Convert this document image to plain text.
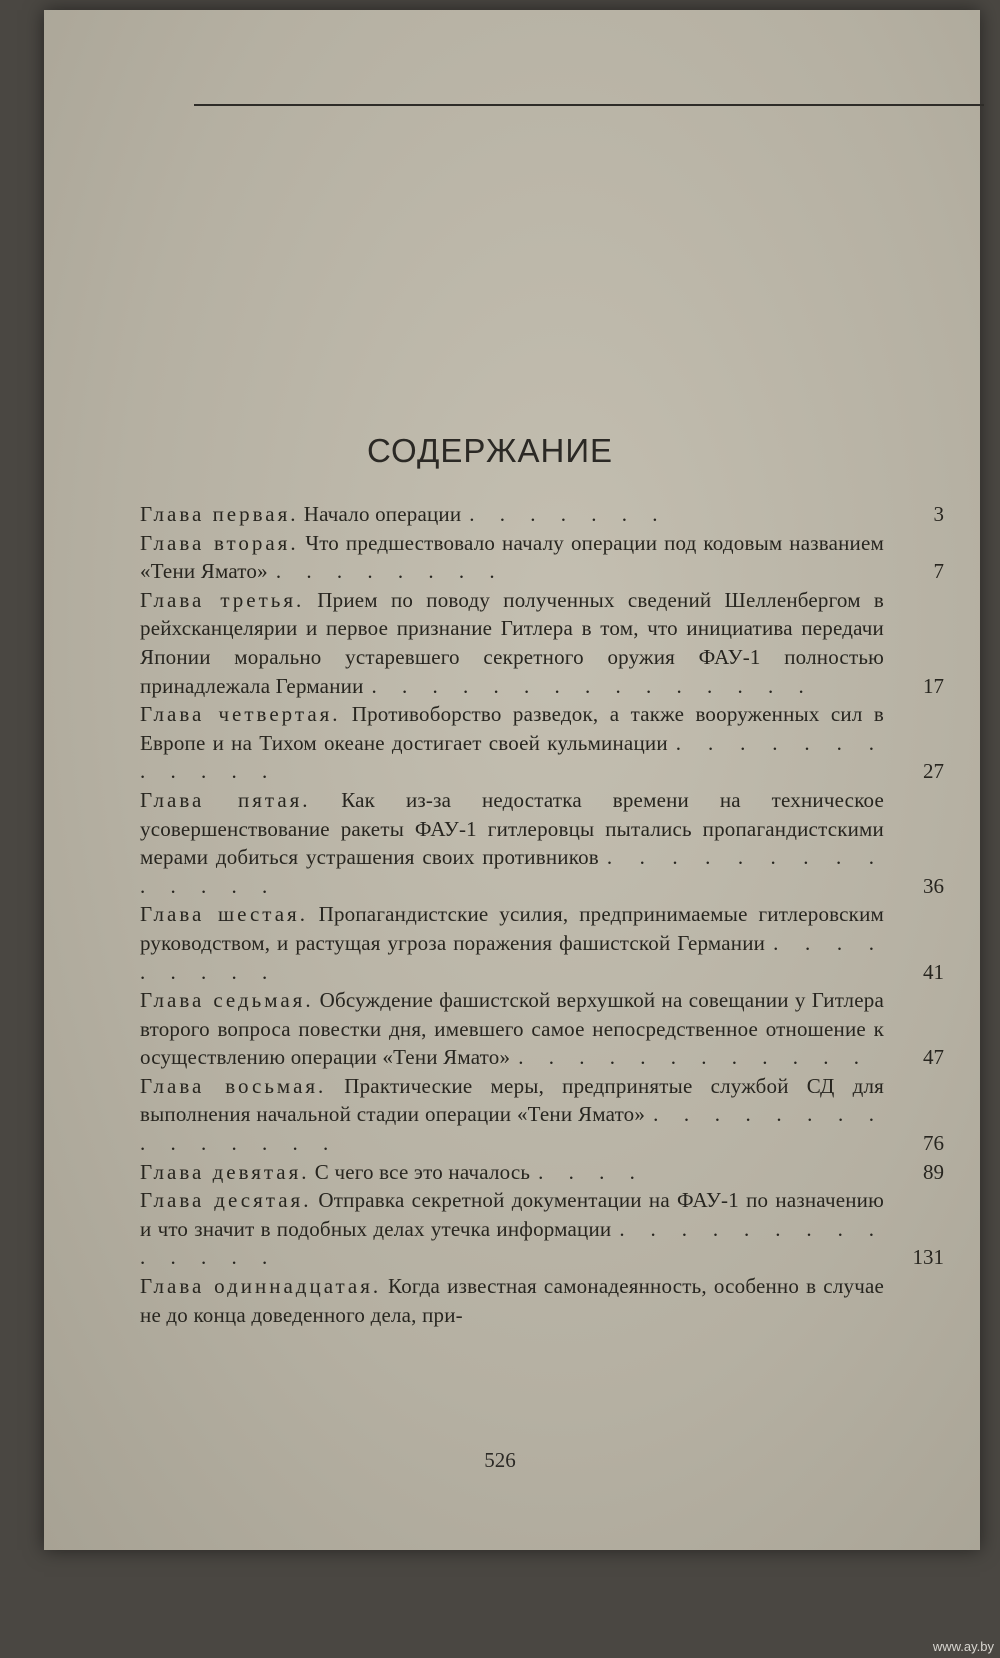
СОДЕРЖАНИЕ
Глава первая. Начало операции . . . . . . .	3
Глава вторая. Что предшествовало началу операции под кодовым названием «Тени Ямато» . . . . . . . .	7
Глава третья. Прием по поводу полученных сведений Шелленбергом в рейхсканцелярии и первое признание Гитлера в том, что инициатива передачи Японии морально устаревшего секретного оружия ФАУ-1 полностью принадлежала Германии . . . . . . . . . . . . . . .	17
Глава четвертая. Противоборство разведок, а также вооруженных сил в Европе и на Тихом океане достигает своей кульминации . . . . . . . . . . . .	27
Глава пятая. Как из-за недостатка времени на техническое усовершенствование ракеты ФАУ-1 гитлеровцы пытались пропагандистскими мерами добиться устрашения своих противников . . . . . . . . . . . . . .	36
Глава шестая. Пропагандистские усилия, предпринимаемые гитлеровским руководством, и растущая угроза поражения фашистской Германии . . . . . . . . .	41
Глава седьмая. Обсуждение фашистской верхушкой на совещании у Гитлера второго вопроса повестки дня, имевшего самое непосредственное отношение к осуществлению операции «Тени Ямато» . . . . . . . . . . . .	47
Глава восьмая. Практические меры, предпринятые службой СД для выполнения начальной стадии операции «Тени Ямато» . . . . . . . . . . . . . . .	76
Глава девятая. С чего все это началось . . . .	89
Глава десятая. Отправка секретной документации на ФАУ-1 по назначению и что значит в подобных делах утечка информации . . . . . . . . . . . . . .	131
Глава одиннадцатая. Когда известная самонадеянность, особенно в случае не до конца доведенного дела, при-
526
www.ay.by
